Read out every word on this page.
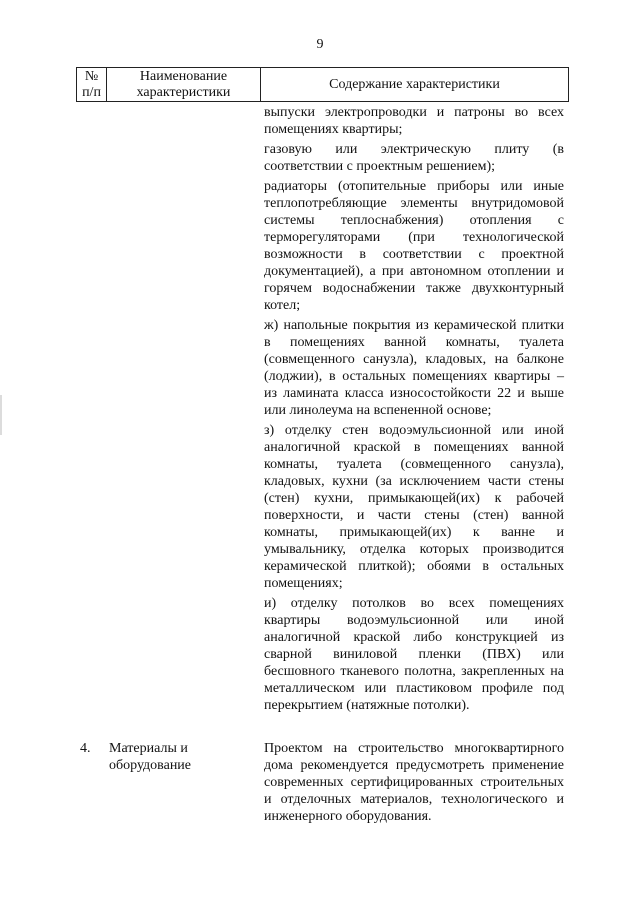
9
№
п/п
Наименование
характеристики
Содержание характеристики

выпуски электропроводки и патроны во всех помещениях квартиры;

газовую или электрическую плиту (в соответствии с проектным решением);

радиаторы (отопительные приборы или иные теплопотребляющие элементы внутридомовой системы теплоснабжения) отопления с терморегуляторами (при технологической возможности в соответствии с проектной документацией), а при автономном отоплении и горячем водоснабжении также двухконтурный котел;

ж) напольные покрытия из керамической плитки в помещениях ванной комнаты, туалета (совмещенного санузла), кладовых, на балконе (лоджии), в остальных помещениях квартиры – из ламината класса износостойкости 22 и выше или линолеума на вспененной основе;

з) отделку стен водоэмульсионной или иной аналогичной краской в помещениях ванной комнаты, туалета (совмещенного санузла), кладовых, кухни (за исключением части стены (стен) кухни, примыкающей(их) к рабочей поверхности, и части стены (стен) ванной комнаты, примыкающей(их) к ванне и умывальнику, отделка которых производится керамической плиткой); обоями в остальных помещениях;

и) отделку потолков во всех помещениях квартиры водоэмульсионной или иной аналогичной краской либо конструкцией из сварной виниловой пленки (ПВХ) или бесшовного тканевого полотна, закрепленных на металлическом или пластиковом профиле под перекрытием (натяжные потолки).

4. Материалы и оборудование

Проектом на строительство многоквартирного дома рекомендуется предусмотреть применение современных сертифицированных строительных и отделочных материалов, технологического и инженерного оборудования.
